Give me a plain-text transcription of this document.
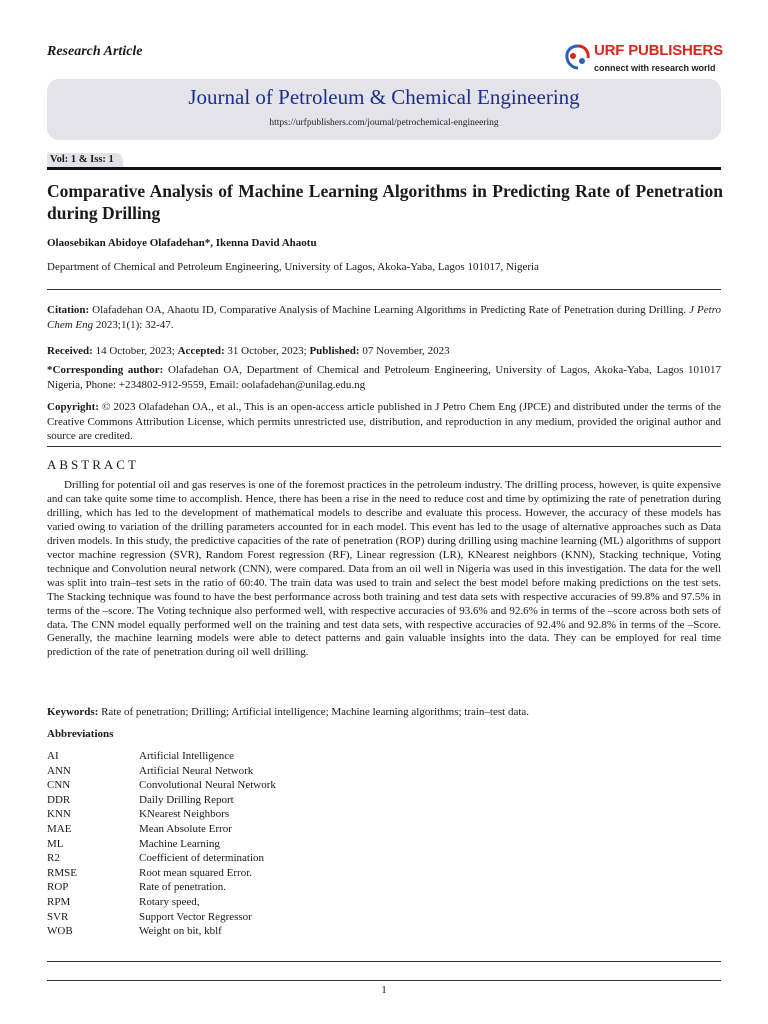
Research Article	URF PUBLISHERS
connect with research world
Journal of Petroleum & Chemical Engineering
https://urfpublishers.com/journal/petrochemical-engineering
Vol: 1 & Iss: 1
Comparative Analysis of Machine Learning Algorithms in Predicting Rate of Penetration during Drilling
Olaosebikan Abidoye Olafadehan*, Ikenna David Ahaotu
Department of Chemical and Petroleum Engineering, University of Lagos, Akoka-Yaba, Lagos 101017, Nigeria
Citation: Olafadehan OA, Ahaotu ID, Comparative Analysis of Machine Learning Algorithms in Predicting Rate of Penetration during Drilling. J Petro Chem Eng 2023;1(1): 32-47.
Received: 14 October, 2023; Accepted: 31 October, 2023; Published: 07 November, 2023
*Corresponding author: Olafadehan OA, Department of Chemical and Petroleum Engineering, University of Lagos, Akoka-Yaba, Lagos 101017 Nigeria, Phone: +234802-912-9559, Email: oolafadehan@unilag.edu.ng
Copyright: © 2023 Olafadehan OA., et al., This is an open-access article published in J Petro Chem Eng (JPCE) and distributed under the terms of the Creative Commons Attribution License, which permits unrestricted use, distribution, and reproduction in any medium, provided the original author and source are credited.
ABSTRACT
Drilling for potential oil and gas reserves is one of the foremost practices in the petroleum industry. The drilling process, however, is quite expensive and can take quite some time to accomplish. Hence, there has been a rise in the need to reduce cost and time by optimizing the rate of penetration during drilling, which has led to the development of mathematical models to describe and evaluate this process. However, the accuracy of these models has varied owing to variation of the drilling parameters accounted for in each model. This event has led to the usage of alternative approaches such as Data driven models. In this study, the predictive capacities of the rate of penetration (ROP) during drilling using machine learning (ML) algorithms of support vector machine regression (SVR), Random Forest regression (RF), Linear regression (LR), KNearest neighbors (KNN), Stacking technique, Voting technique and Convolution neural network (CNN), were compared. Data from an oil well in Nigeria was used in this investigation. The data for the well was split into train–test sets in the ratio of 60:40. The train data was used to train and select the best model before making predictions on the test sets. The Stacking technique was found to have the best performance across both training and test data sets with respective accuracies of 99.8% and 97.5% in terms of the –score. The Voting technique also performed well, with respective accuracies of 93.6% and 92.6% in terms of the –score across both sets of data. The CNN model equally performed well on the training and test data sets, with respective accuracies of 92.4% and 92.8% in terms of the –Score. Generally, the machine learning models were able to detect patterns and gain valuable insights into the data. They can be employed for real time prediction of the rate of penetration during oil well drilling.
Keywords: Rate of penetration; Drilling; Artificial intelligence; Machine learning algorithms; train–test data.
Abbreviations
AI	Artificial Intelligence
ANN	Artificial Neural Network
CNN	Convolutional Neural Network
DDR	Daily Drilling Report
KNN	KNearest Neighbors
MAE	Mean Absolute Error
ML	Machine Learning
R2	Coefficient of determination
RMSE	Root mean squared Error.
ROP	Rate of penetration.
RPM	Rotary speed,
SVR	Support Vector Regressor
WOB	Weight on bit, kblf
1
